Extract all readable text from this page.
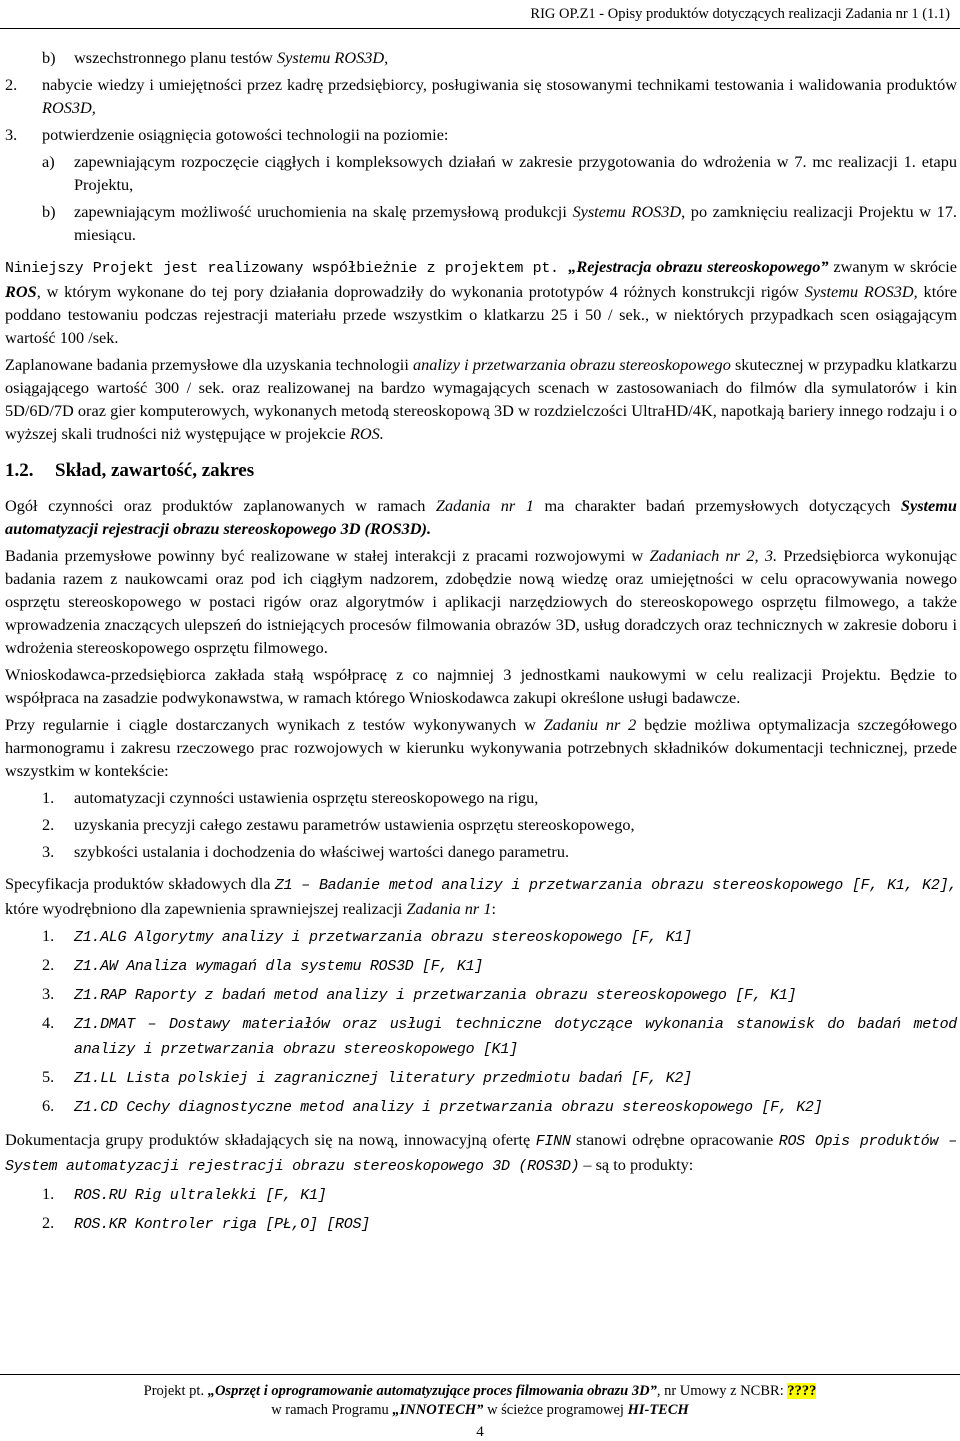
RIG OP.Z1 - Opisy produktów dotyczących realizacji Zadania nr 1 (1.1)
b) wszechstronnego planu testów Systemu ROS3D,
2. nabycie wiedzy i umiejętności przez kadrę przedsiębiorcy, posługiwania się stosowanymi technikami testowania i walidowania produktów ROS3D,
3. potwierdzenie osiągnięcia gotowości technologii na poziomie:
a) zapewniającym rozpoczęcie ciągłych i kompleksowych działań w zakresie przygotowania do wdrożenia w 7. mc realizacji 1. etapu Projektu,
b) zapewniającym możliwość uruchomienia na skalę przemysłową produkcji Systemu ROS3D, po zamknięciu realizacji Projektu w 17. miesiącu.

Niniejszy Projekt jest realizowany współbieżnie z projektem pt. „Rejestracja obrazu stereoskopowego” zwanym w skrócie ROS, w którym wykonane do tej pory działania doprowadziły do wykonania prototypów 4 różnych konstrukcji rigów Systemu ROS3D, które poddano testowaniu podczas rejestracji materiału przede wszystkim o klatkarzu 25 i 50 / sek., w niektórych przypadkach scen osiągającym wartość 100 /sek.

Zaplanowane badania przemysłowe dla uzyskania technologii analizy i przetwarzania obrazu stereoskopowego skutecznej w przypadku klatkarzu osiągającego wartość 300 / sek. oraz realizowanej na bardzo wymagających scenach w zastosowaniach do filmów dla symulatorów i kin 5D/6D/7D oraz gier komputerowych, wykonanych metodą stereoskopową 3D w rozdzielczości UltraHD/4K, napotkają bariery innego rodzaju i o wyższej skali trudności niż występujące w projekcie ROS.

1.2. Skład, zawartość, zakres

Ogół czynności oraz produktów zaplanowanych w ramach Zadania nr 1 ma charakter badań przemysłowych dotyczących Systemu automatyzacji rejestracji obrazu stereoskopowego 3D (ROS3D).

Badania przemysłowe powinny być realizowane w stałej interakcji z pracami rozwojowymi w Zadaniach nr 2, 3. Przedsiębiorca wykonując badania razem z naukowcami oraz pod ich ciągłym nadzorem, zdobędzie nową wiedzę oraz umiejętności w celu opracowywania nowego osprzętu stereoskopowego w postaci rigów oraz algorytmów i aplikacji narzędziowych do stereoskopowego osprzętu filmowego, a także wprowadzenia znaczących ulepszeń do istniejących procesów filmowania obrazów 3D, usług doradczych oraz technicznych w zakresie doboru i wdrożenia stereoskopowego osprzętu filmowego.

Wnioskodawca-przedsiębiorca zakłada stałą współpracę z co najmniej 3 jednostkami naukowymi w celu realizacji Projektu. Będzie to współpraca na zasadzie podwykonawstwa, w ramach którego Wnioskodawca zakupi określone usługi badawcze.

Przy regularnie i ciągle dostarczanych wynikach z testów wykonywanych w Zadaniu nr 2 będzie możliwa optymalizacja szczegółowego harmonogramu i zakresu rzeczowego prac rozwojowych w kierunku wykonywania potrzebnych składników dokumentacji technicznej, przede wszystkim w kontekście:

1. automatyzacji czynności ustawienia osprzętu stereoskopowego na rigu,
2. uzyskania precyzji całego zestawu parametrów ustawienia osprzętu stereoskopowego,
3. szybkości ustalania i dochodzenia do właściwej wartości danego parametru.

Specyfikacja produktów składowych dla Z1 – Badanie metod analizy i przetwarzania obrazu stereoskopowego [F, K1, K2], które wyodrębniono dla zapewnienia sprawniejszej realizacji Zadania nr 1:

1. Z1.ALG Algorytmy analizy i przetwarzania obrazu stereoskopowego [F, K1]
2. Z1.AW Analiza wymagań dla systemu ROS3D [F, K1]
3. Z1.RAP Raporty z badań metod analizy i przetwarzania obrazu stereoskopowego [F, K1]
4. Z1.DMAT – Dostawy materiałów oraz usługi techniczne dotyczące wykonania stanowisk do badań metod analizy i przetwarzania obrazu stereoskopowego [K1]
5. Z1.LL Lista polskiej i zagranicznej literatury przedmiotu badań [F, K2]
6. Z1.CD Cechy diagnostyczne metod analizy i przetwarzania obrazu stereoskopowego [F, K2]

Dokumentacja grupy produktów składających się na nową, innowacyjną ofertę FINN stanowi odrębne opracowanie ROS Opis produktów – System automatyzacji rejestracji obrazu stereoskopowego 3D (ROS3D) – są to produkty:

1. ROS.RU Rig ultralekki [F, K1]
2. ROS.KR Kontroler riga [PŁ,O] [ROS]
Projekt pt. „Osprzęt i oprogramowanie automatyzujące proces filmowania obrazu 3D”, nr Umowy z NCBR: ????
w ramach Programu „INNOTECH” w ścieżce programowej HI-TECH
4
